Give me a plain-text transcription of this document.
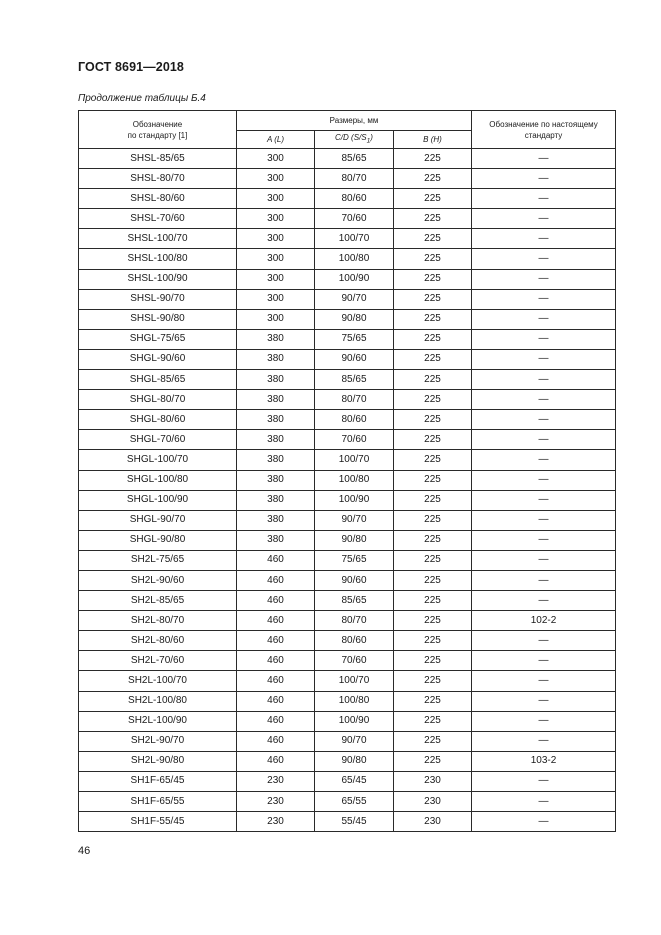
ГОСТ 8691—2018
Продолжение таблицы Б.4
Обозначение
по стандарту [1]	Размеры, мм			Обозначение по настоящему
стандарту
	A (L)	C/D $(S/S_1)$	B (H)	
SHSL-85/65	300	85/65	225	—
SHSL-80/70	300	80/70	225	—
SHSL-80/60	300	80/60	225	—
SHSL-70/60	300	70/60	225	—
SHSL-100/70	300	100/70	225	—
SHSL-100/80	300	100/80	225	—
SHSL-100/90	300	100/90	225	—
SHSL-90/70	300	90/70	225	—
SHSL-90/80	300	90/80	225	—
SHGL-75/65	380	75/65	225	—
SHGL-90/60	380	90/60	225	—
SHGL-85/65	380	85/65	225	—
SHGL-80/70	380	80/70	225	—
SHGL-80/60	380	80/60	225	—
SHGL-70/60	380	70/60	225	—
SHGL-100/70	380	100/70	225	—
SHGL-100/80	380	100/80	225	—
SHGL-100/90	380	100/90	225	—
SHGL-90/70	380	90/70	225	—
SHGL-90/80	380	90/80	225	—
SH2L-75/65	460	75/65	225	—
SH2L-90/60	460	90/60	225	—
SH2L-85/65	460	85/65	225	—
SH2L-80/70	460	80/70	225	102-2
SH2L-80/60	460	80/60	225	—
SH2L-70/60	460	70/60	225	—
SH2L-100/70	460	100/70	225	—
SH2L-100/80	460	100/80	225	—
SH2L-100/90	460	100/90	225	—
SH2L-90/70	460	90/70	225	—
SH2L-90/80	460	90/80	225	103-2
SH1F-65/45	230	65/45	230	—
SH1F-65/55	230	65/55	230	—
SH1F-55/45	230	55/45	230	—
46
